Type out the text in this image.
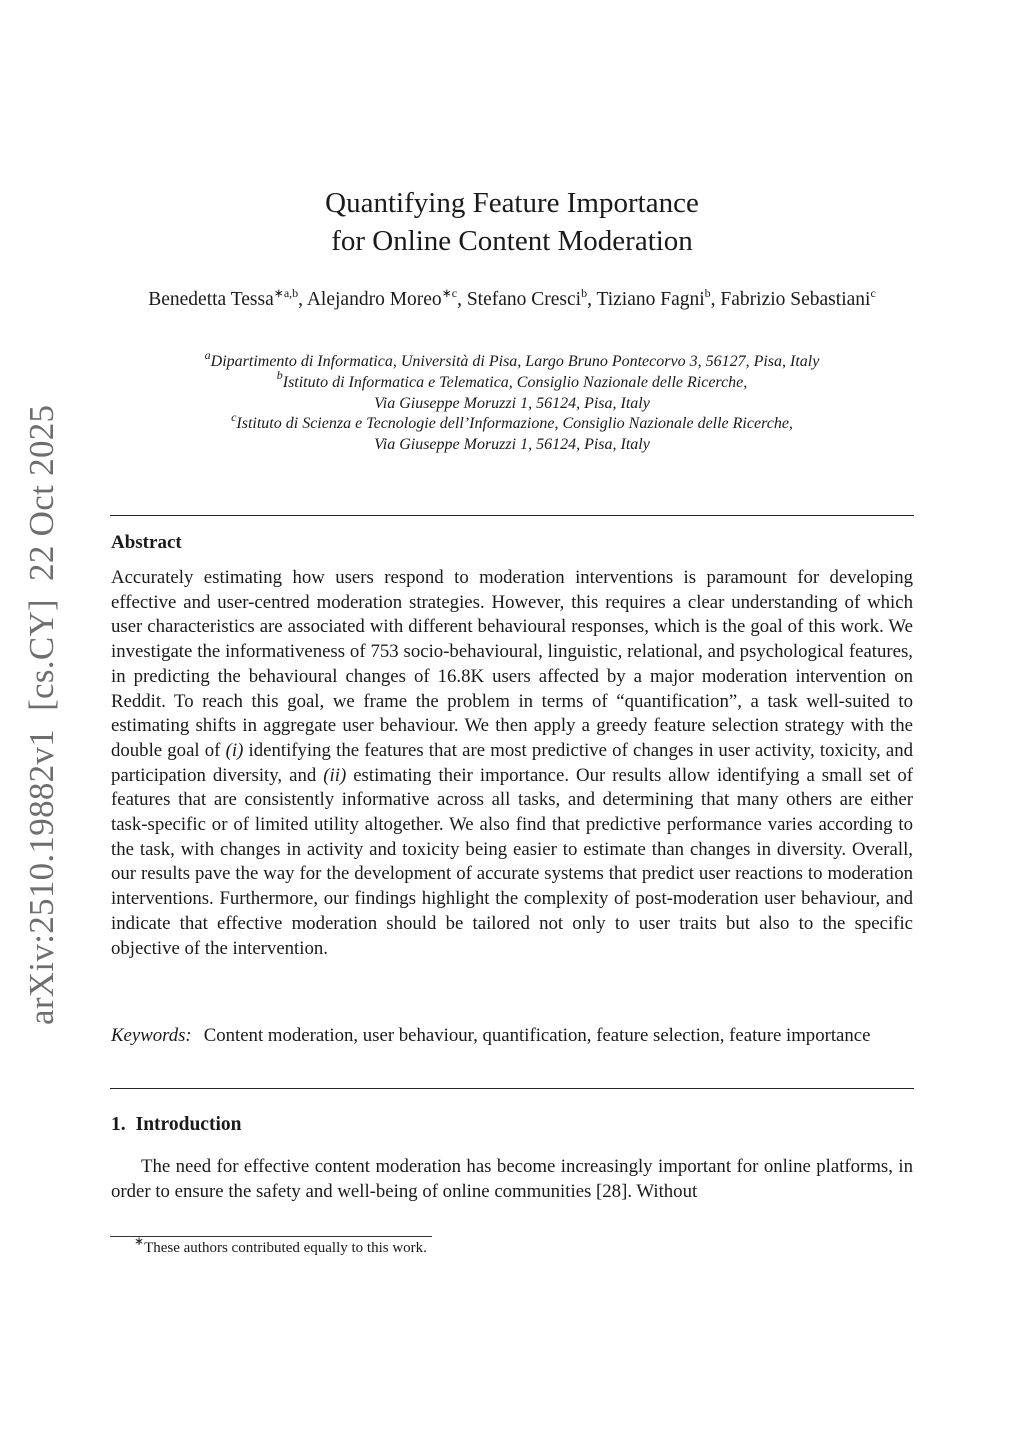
arXiv:2510.19882v1[cs.CY]22 Oct 2025
Quantifying Feature Importance
for Online Content Moderation
Benedetta Tessa$^{∗a,b}$, Alejandro Moreo$^{∗c}$, Stefano Cresci$^b$, Tiziano Fagni$^b$, Fabrizio Sebastiani$^c$
$^a$Dipartimento di Informatica, Università di Pisa, Largo Bruno Pontecorvo 3, 56127, Pisa, Italy
$^b$Istituto di Informatica e Telematica, Consiglio Nazionale delle Ricerche,
Via Giuseppe Moruzzi 1, 56124, Pisa, Italy
$^c$Istituto di Scienza e Tecnologie dell’Informazione, Consiglio Nazionale delle Ricerche,
Via Giuseppe Moruzzi 1, 56124, Pisa, Italy
Abstract
Accurately estimating how users respond to moderation interventions is paramount for developing effective and user-centred moderation strategies. However, this requires a clear understanding of which user characteristics are associated with different behavioural responses, which is the goal of this work. We investigate the informativeness of 753 socio-behavioural, linguistic, relational, and psychological features, in predicting the behavioural changes of 16.8K users affected by a major moderation intervention on Reddit. To reach this goal, we frame the problem in terms of “quantification”, a task well-suited to estimating shifts in aggregate user behaviour. We then apply a greedy feature selection strategy with the double goal of (i) identifying the features that are most predictive of changes in user activity, toxicity, and participation diversity, and (ii) estimating their importance. Our results allow identifying a small set of features that are consistently informative across all tasks, and determining that many others are either task-specific or of limited utility altogether. We also find that predictive performance varies according to the task, with changes in activity and toxicity being easier to estimate than changes in diversity. Overall, our results pave the way for the development of accurate systems that predict user reactions to moderation interventions. Furthermore, our findings highlight the complexity of post-moderation user behaviour, and indicate that effective moderation should be tailored not only to user traits but also to the specific objective of the intervention.
Keywords: Content moderation, user behaviour, quantification, feature selection, feature importance
1. Introduction
The need for effective content moderation has become increasingly important for online platforms, in order to ensure the safety and well-being of online communities [28]. Without
∗These authors contributed equally to this work.
